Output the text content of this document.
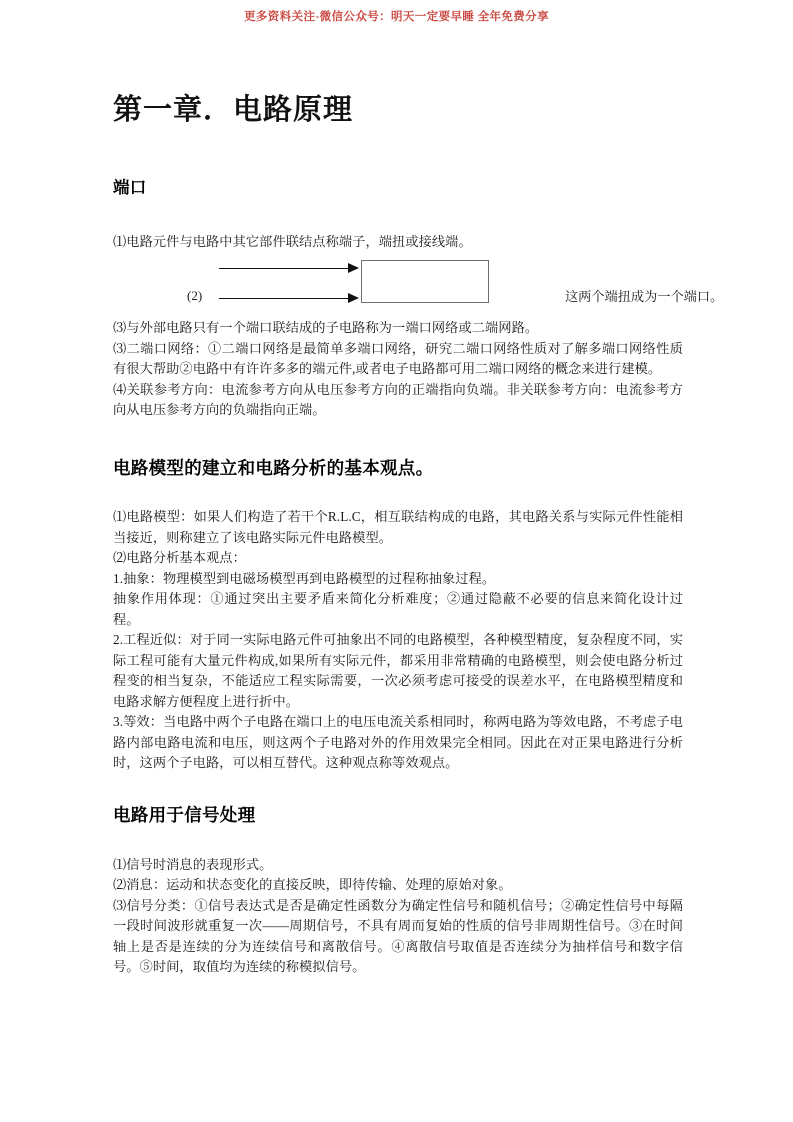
更多资料关注-微信公众号：明天一定要早睡 全年免费分享
第一章．电路原理
端口

⑴电路元件与电路中其它部件联结点称端子，端扭或接线端。

(2)	这两个端扭成为一个端口。

⑶与外部电路只有一个端口联结成的子电路称为一端口网络或二端网路。

⑶二端口网络：①二端口网络是最简单多端口网络，研究二端口网络性质对了解多端口网络性质有很大帮助②电路中有许许多多的端元件,或者电子电路都可用二端口网络的概念来进行建模。

⑷关联参考方向：电流参考方向从电压参考方向的正端指向负端。非关联参考方向：电流参考方向从电压参考方向的负端指向正端。

电路模型的建立和电路分析的基本观点。

⑴电路模型：如果人们构造了若干个R.L.C，相互联结构成的电路，其电路关系与实际元件性能相当接近，则称建立了该电路实际元件电路模型。

⑵电路分析基本观点：

1.抽象：物理模型到电磁场模型再到电路模型的过程称抽象过程。

抽象作用体现：①通过突出主要矛盾来简化分析难度；②通过隐蔽不必要的信息来简化设计过程。

2.工程近似：对于同一实际电路元件可抽象出不同的电路模型，各种模型精度，复杂程度不同，实际工程可能有大量元件构成,如果所有实际元件，都采用非常精确的电路模型，则会使电路分析过程变的相当复杂，不能适应工程实际需要，一次必须考虑可接受的误差水平，在电路模型精度和电路求解方便程度上进行折中。

3.等效：当电路中两个子电路在端口上的电压电流关系相同时，称两电路为等效电路，不考虑子电路内部电路电流和电压，则这两个子电路对外的作用效果完全相同。因此在对正果电路进行分析时，这两个子电路，可以相互替代。这种观点称等效观点。

电路用于信号处理

⑴信号时消息的表现形式。

⑵消息：运动和状态变化的直接反映，即待传输、处理的原始对象。

⑶信号分类：①信号表达式是否是确定性函数分为确定性信号和随机信号；②确定性信号中每隔一段时间波形就重复一次——周期信号，不具有周而复始的性质的信号非周期性信号。③在时间轴上是否是连续的分为连续信号和离散信号。④离散信号取值是否连续分为抽样信号和数字信号。⑤时间，取值均为连续的称模拟信号。
